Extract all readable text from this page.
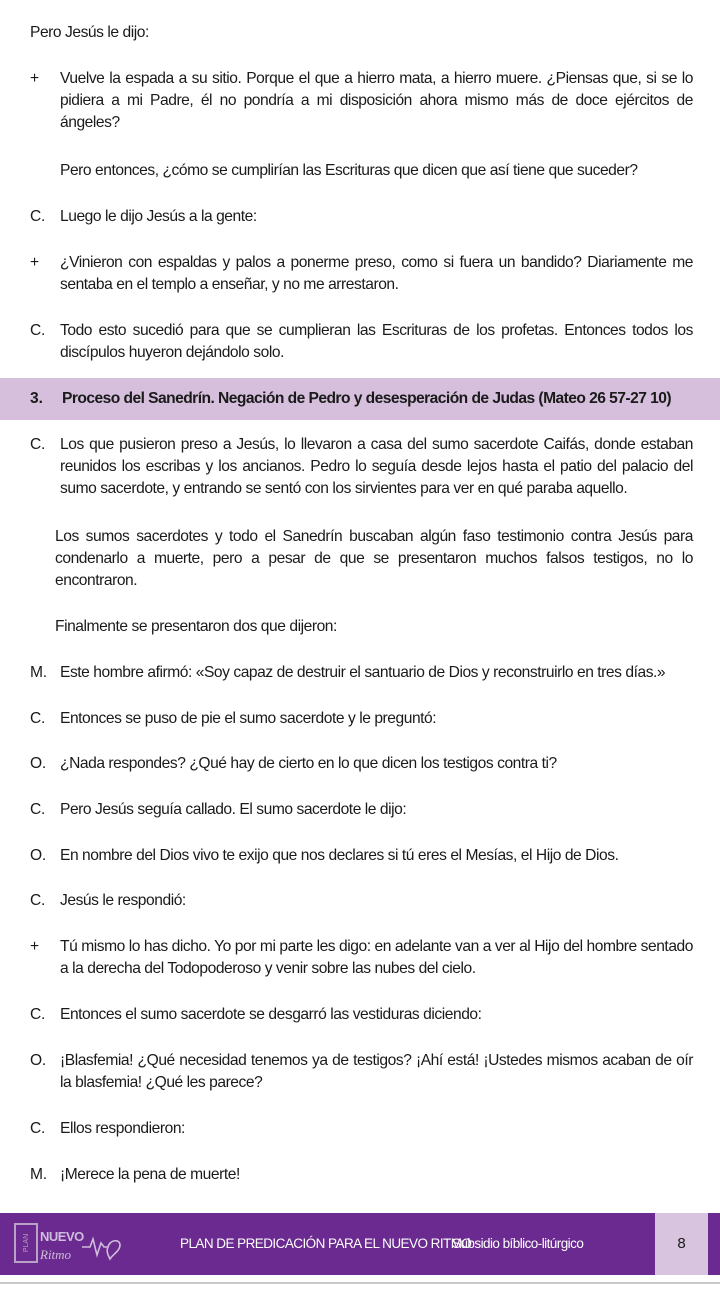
Pero Jesús le dijo:

+ Vuelve la espada a su sitio. Porque el que a hierro mata, a hierro muere. ¿Piensas que, si se lo pidiera a mi Padre, él no pondría a mi disposición ahora mismo más de doce ejércitos de ángeles?

Pero entonces, ¿cómo se cumplirían las Escrituras que dicen que así tiene que suceder?

C. Luego le dijo Jesús a la gente:

+ ¿Vinieron con espaldas y palos a ponerme preso, como si fuera un bandido? Diariamente me sentaba en el templo a enseñar, y no me arrestaron.

C. Todo esto sucedió para que se cumplieran las Escrituras de los profetas. Entonces todos los discípulos huyeron dejándolo solo.

3. Proceso del Sanedrín. Negación de Pedro y desesperación de Judas (Mateo 26 57-27 10)

C. Los que pusieron preso a Jesús, lo llevaron a casa del sumo sacerdote Caifás, donde estaban reunidos los escribas y los ancianos. Pedro lo seguía desde lejos hasta el patio del palacio del sumo sacerdote, y entrando se sentó con los sirvientes para ver en qué paraba aquello.

Los sumos sacerdotes y todo el Sanedrín buscaban algún faso testimonio contra Jesús para condenarlo a muerte, pero a pesar de que se presentaron muchos falsos testigos, no lo encontraron.

Finalmente se presentaron dos que dijeron:

M. Este hombre afirmó: «Soy capaz de destruir el santuario de Dios y reconstruirlo en tres días.»

C. Entonces se puso de pie el sumo sacerdote y le preguntó:

O. ¿Nada respondes? ¿Qué hay de cierto en lo que dicen los testigos contra ti?

C. Pero Jesús seguía callado. El sumo sacerdote le dijo:

O. En nombre del Dios vivo te exijo que nos declares si tú eres el Mesías, el Hijo de Dios.

C. Jesús le respondió:

+ Tú mismo lo has dicho. Yo por mi parte les digo: en adelante van a ver al Hijo del hombre sentado a la derecha del Todopoderoso y venir sobre las nubes del cielo.

C. Entonces el sumo sacerdote se desgarró las vestiduras diciendo:

O. ¡Blasfemia! ¿Qué necesidad tenemos ya de testigos? ¡Ahí está! ¡Ustedes mismos acaban de oír la blasfemia! ¿Qué les parece?

C. Ellos respondieron:

M. ¡Merece la pena de muerte!

PLAN NUEVO
Ritmo

PLAN DE PREDICACIÓN PARA EL NUEVO RITMO

Subsidio bíblico-litúrgico	8
